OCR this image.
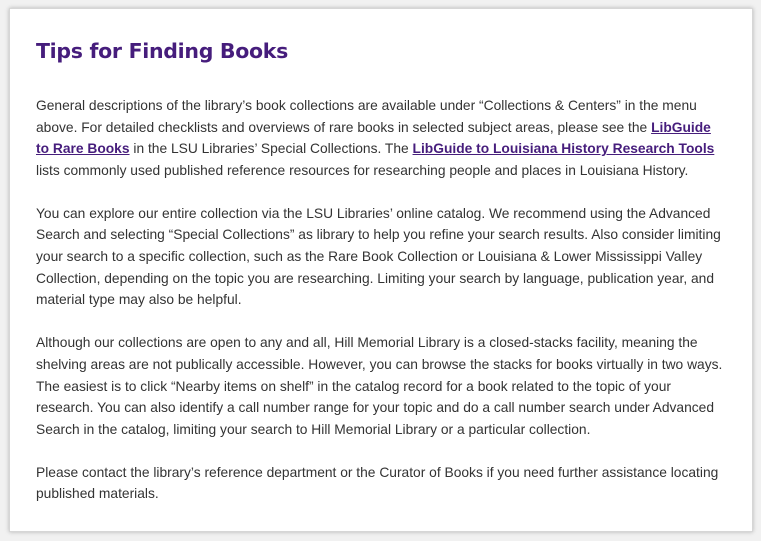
Tips for Finding Books

General descriptions of the library’s book collections are available under “Collections & Centers” in the menu above. For detailed checklists and overviews of rare books in selected subject areas, please see the LibGuide to Rare Books in the LSU Libraries’ Special Collections. The LibGuide to Louisiana History Research Tools lists commonly used published reference resources for researching people and places in Louisiana History.

You can explore our entire collection via the LSU Libraries’ online catalog. We recommend using the Advanced Search and selecting “Special Collections” as library to help you refine your search results. Also consider limiting your search to a specific collection, such as the Rare Book Collection or Louisiana & Lower Mississippi Valley Collection, depending on the topic you are researching. Limiting your search by language, publication year, and material type may also be helpful.

Although our collections are open to any and all, Hill Memorial Library is a closed-stacks facility, meaning the shelving areas are not publically accessible. However, you can browse the stacks for books virtually in two ways. The easiest is to click “Nearby items on shelf” in the catalog record for a book related to the topic of your research. You can also identify a call number range for your topic and do a call number search under Advanced Search in the catalog, limiting your search to Hill Memorial Library or a particular collection.

Please contact the library’s reference department or the Curator of Books if you need further assistance locating published materials.
